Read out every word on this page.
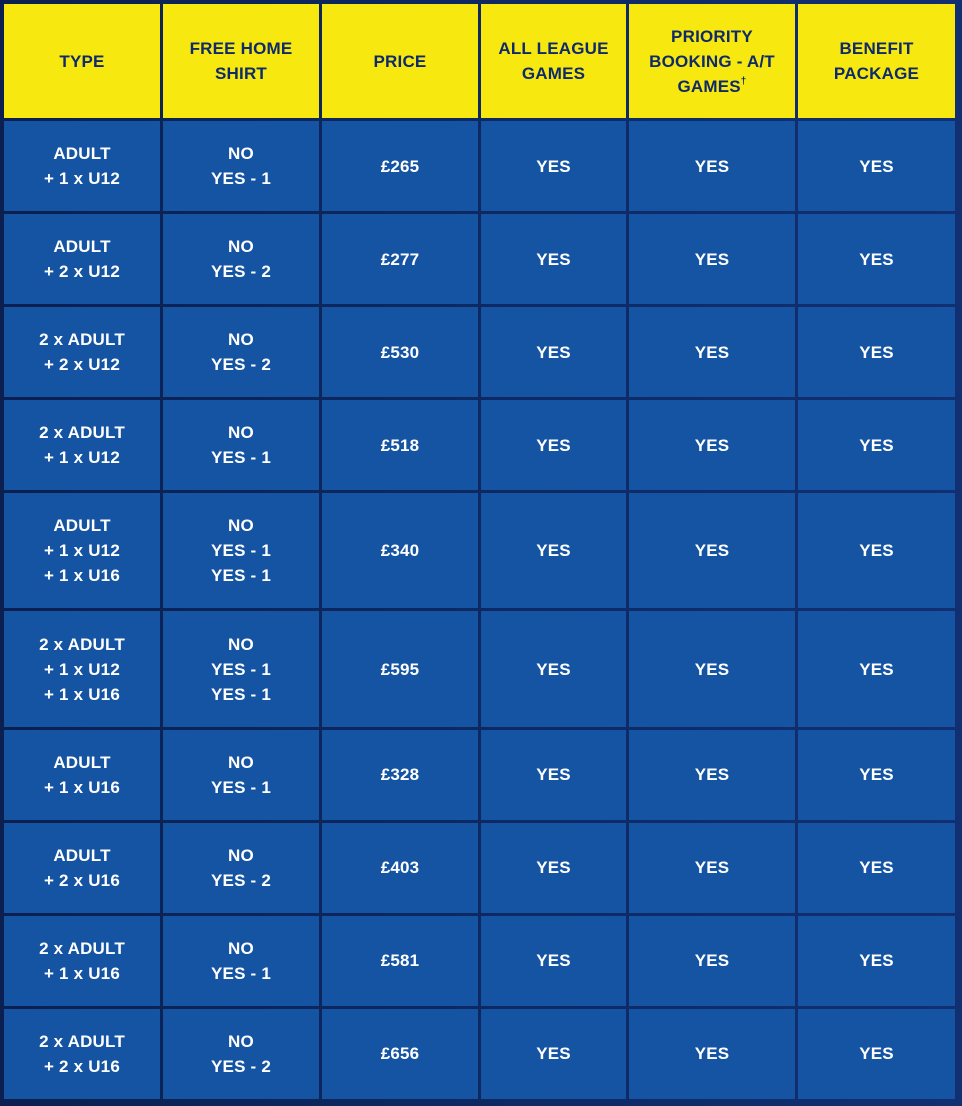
TYPE	FREE HOME
SHIRT	PRICE	ALL LEAGUE
GAMES	PRIORITY
BOOKING - A/T
GAMES†	BENEFIT
PACKAGE

ADULT
+ 1 x U12	NO
YES - 1	£265	YES	YES	YES

ADULT
+ 2 x U12	NO
YES - 2	£277	YES	YES	YES

2 x ADULT
+ 2 x U12	NO
YES - 2	£530	YES	YES	YES

2 x ADULT
+ 1 x U12	NO
YES - 1	£518	YES	YES	YES

ADULT
+ 1 x U12
+ 1 x U16	NO
YES - 1
YES - 1	£340	YES	YES	YES

2 x ADULT
+ 1 x U12
+ 1 x U16	NO
YES - 1
YES - 1	£595	YES	YES	YES

ADULT
+ 1 x U16	NO
YES - 1	£328	YES	YES	YES

ADULT
+ 2 x U16	NO
YES - 2	£403	YES	YES	YES

2 x ADULT
+ 1 x U16	NO
YES - 1	£581	YES	YES	YES

2 x ADULT
+ 2 x U16	NO
YES - 2	£656	YES	YES	YES
